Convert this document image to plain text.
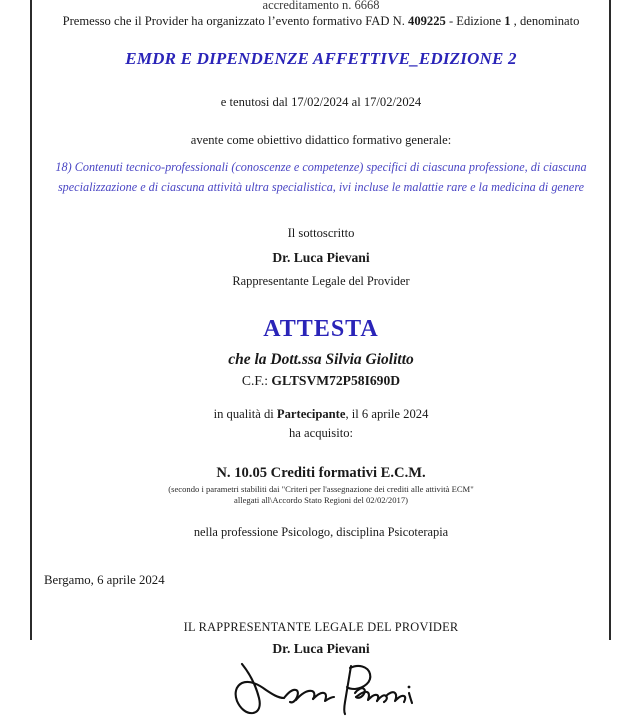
accreditamento n. 6668
Premesso che il Provider ha organizzato l’evento formativo FAD N. 409225 - Edizione 1 , denominato
EMDR E DIPENDENZE AFFETTIVE_EDIZIONE 2
e tenutosi dal 17/02/2024 al 17/02/2024
avente come obiettivo didattico formativo generale:
18) Contenuti tecnico-professionali (conoscenze e competenze) specifici di ciascuna professione, di ciascuna specializzazione e di ciascuna attività ultra specialistica, ivi incluse le malattie rare e la medicina di genere
Il sottoscritto
Dr. Luca Pievani
Rappresentante Legale del Provider
ATTESTA
che la Dott.ssa Silvia Giolitto
C.F.: GLTSVM72P58I690D
in qualità di Partecipante, il 6 aprile 2024
ha acquisito:
N. 10.05 Crediti formativi E.C.M.
(secondo i parametri stabiliti dai "Criteri per l'assegnazione dei crediti alle attività ECM"
allegati all\Accordo Stato Regioni del 02/02/2017)
nella professione Psicologo, disciplina Psicoterapia
Bergamo, 6 aprile 2024
IL RAPPRESENTANTE LEGALE DEL PROVIDER
Dr. Luca Pievani
